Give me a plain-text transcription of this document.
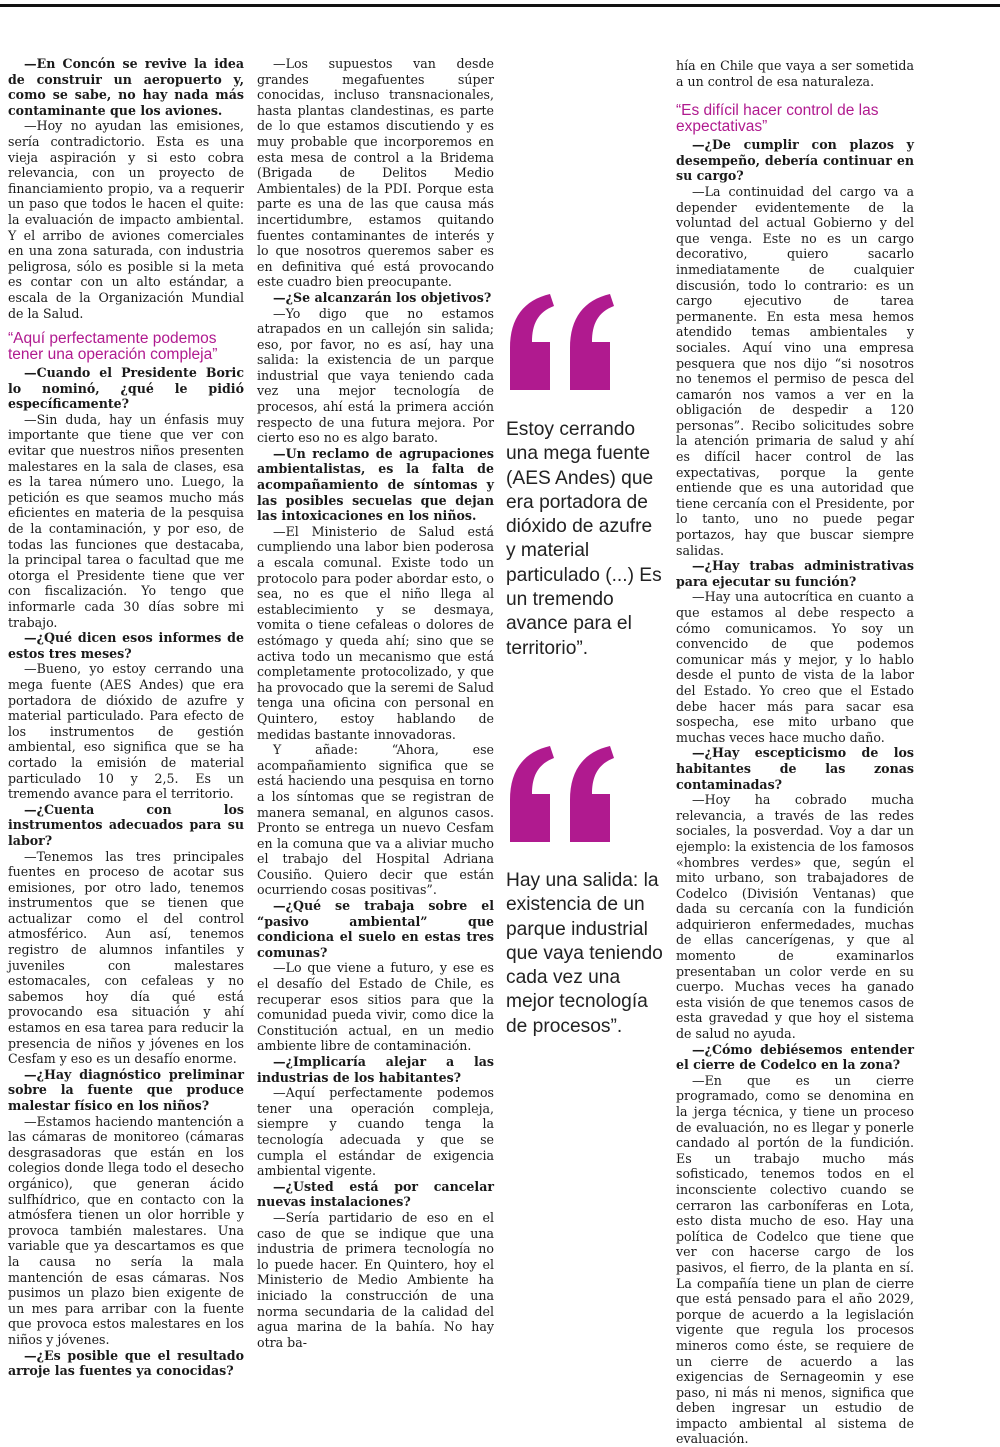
—En Concón se revive la idea de construir un aeropuerto y, como se sabe, no hay nada más contaminante que los aviones.

—Hoy no ayudan las emisiones, sería contradictorio. Esta es una vieja aspiración y si esto cobra relevancia, con un proyecto de financiamiento propio, va a requerir un paso que todos le hacen el quite: la evaluación de impacto ambiental. Y el arribo de aviones comerciales en una zona saturada, con industria peligrosa, sólo es posible si la meta es contar con un alto estándar, a escala de la Organización Mundial de la Salud.

“Aquí perfectamente podemos tener una operación compleja”

—Cuando el Presidente Boric lo nominó, ¿qué le pidió específicamente?

—Sin duda, hay un énfasis muy importante que tiene que ver con evitar que nuestros niños presenten malestares en la sala de clases, esa es la tarea número uno. Luego, la petición es que seamos mucho más eficientes en materia de la pesquisa de la contaminación, y por eso, de todas las funciones que destacaba, la principal tarea o facultad que me otorga el Presidente tiene que ver con fiscalización. Yo tengo que informarle cada 30 días sobre mi trabajo.

—¿Qué dicen esos informes de estos tres meses?

—Bueno, yo estoy cerrando una mega fuente (AES Andes) que era portadora de dióxido de azufre y material particulado. Para efecto de los instrumentos de gestión ambiental, eso significa que se ha cortado la emisión de material particulado 10 y 2,5. Es un tremendo avance para el territorio.

—¿Cuenta con los instrumentos adecuados para su labor?

—Tenemos las tres principales fuentes en proceso de acotar sus emisiones, por otro lado, tenemos instrumentos que se tienen que actualizar como el del control atmosférico. Aun así, tenemos registro de alumnos infantiles y juveniles con malestares estomacales, con cefaleas y no sabemos hoy día qué está provocando esa situación y ahí estamos en esa tarea para reducir la presencia de niños y jóvenes en los Cesfam y eso es un desafío enorme.

—¿Hay diagnóstico preliminar sobre la fuente que produce malestar físico en los niños?

—Estamos haciendo mantención a las cámaras de monitoreo (cámaras desgrasadoras que están en los colegios donde llega todo el desecho orgánico), que generan ácido sulfhídrico, que en contacto con la atmósfera tienen un olor horrible y provoca también malestares. Una variable que ya descartamos es que la causa no sería la mala mantención de esas cámaras. Nos pusimos un plazo bien exigente de un mes para arribar con la fuente que provoca estos malestares en los niños y jóvenes.

—¿Es posible que el resultado arroje las fuentes ya conocidas?

—Los supuestos van desde grandes megafuentes súper conocidas, incluso transnacionales, hasta plantas clandestinas, es parte de lo que estamos discutiendo y es muy probable que incorporemos en esta mesa de control a la Bridema (Brigada de Delitos Medio Ambientales) de la PDI. Porque esta parte es una de las que causa más incertidumbre, estamos quitando fuentes contaminantes de interés y lo que nosotros queremos saber es en definitiva qué está provocando este cuadro bien preocupante.

—¿Se alcanzarán los objetivos?

—Yo digo que no estamos atrapados en un callejón sin salida; eso, por favor, no es así, hay una salida: la existencia de un parque industrial que vaya teniendo cada vez una mejor tecnología de procesos, ahí está la primera acción respecto de una futura mejora. Por cierto eso no es algo barato.

—Un reclamo de agrupaciones ambientalistas, es la falta de acompañamiento de síntomas y las posibles secuelas que dejan las intoxicaciones en los niños.

—El Ministerio de Salud está cumpliendo una labor bien poderosa a escala comunal. Existe todo un protocolo para poder abordar esto, o sea, no es que el niño llega al establecimiento y se desmaya, vomita o tiene cefaleas o dolores de estómago y queda ahí; sino que se activa todo un mecanismo que está completamente protocolizado, y que ha provocado que la seremi de Salud tenga una oficina con personal en Quintero, estoy hablando de medidas bastante innovadoras.

Y añade: “Ahora, ese acompañamiento significa que se está haciendo una pesquisa en torno a los síntomas que se registran de manera semanal, en algunos casos. Pronto se entrega un nuevo Cesfam en la comuna que va a aliviar mucho el trabajo del Hospital Adriana Cousiño. Quiero decir que están ocurriendo cosas positivas”.

—¿Qué se trabaja sobre el “pasivo ambiental” que condiciona el suelo en estas tres comunas?

—Lo que viene a futuro, y ese es el desafío del Estado de Chile, es recuperar esos sitios para que la comunidad pueda vivir, como dice la Constitución actual, en un medio ambiente libre de contaminación.

—¿Implicaría alejar a las industrias de los habitantes?

—Aquí perfectamente podemos tener una operación compleja, siempre y cuando tenga la tecnología adecuada y que se cumpla el estándar de exigencia ambiental vigente.

—¿Usted está por cancelar nuevas instalaciones?

—Sería partidario de eso en el caso de que se indique que una industria de primera tecnología no lo puede hacer. En Quintero, hoy el Ministerio de Medio Ambiente ha iniciado la construcción de una norma secundaria de la calidad del agua marina de la bahía. No hay otra ba-

Estoy cerrando una mega fuente (AES Andes) que era portadora de dióxido de azufre y material particulado (...) Es un tremendo avance para el territorio”.
Hay una salida: la existencia de un parque industrial que vaya teniendo cada vez una mejor tecnología de procesos”.

hía en Chile que vaya a ser sometida a un control de esa naturaleza.

“Es difícil hacer control de las expectativas”

—¿De cumplir con plazos y desempeño, debería continuar en su cargo?

—La continuidad del cargo va a depender evidentemente de la voluntad del actual Gobierno y del que venga. Este no es un cargo decorativo, quiero sacarlo inmediatamente de cualquier discusión, todo lo contrario: es un cargo ejecutivo de tarea permanente. En esta mesa hemos atendido temas ambientales y sociales. Aquí vino una empresa pesquera que nos dijo “si nosotros no tenemos el permiso de pesca del camarón nos vamos a ver en la obligación de despedir a 120 personas”. Recibo solicitudes sobre la atención primaria de salud y ahí es difícil hacer control de las expectativas, porque la gente entiende que es una autoridad que tiene cercanía con el Presidente, por lo tanto, uno no puede pegar portazos, hay que buscar siempre salidas.

—¿Hay trabas administrativas para ejecutar su función?

—Hay una autocrítica en cuanto a que estamos al debe respecto a cómo comunicamos. Yo soy un convencido de que podemos comunicar más y mejor, y lo hablo desde el punto de vista de la labor del Estado. Yo creo que el Estado debe hacer más para sacar esa sospecha, ese mito urbano que muchas veces hace mucho daño.

—¿Hay escepticismo de los habitantes de las zonas contaminadas?

—Hoy ha cobrado mucha relevancia, a través de las redes sociales, la posverdad. Voy a dar un ejemplo: la existencia de los famosos «hombres verdes» que, según el mito urbano, son trabajadores de Codelco (División Ventanas) que dada su cercanía con la fundición adquirieron enfermedades, muchas de ellas cancerígenas, y que al momento de examinarlos presentaban un color verde en su cuerpo. Muchas veces ha ganado esta visión de que tenemos casos de esta gravedad y que hoy el sistema de salud no ayuda.

—¿Cómo debiésemos entender el cierre de Codelco en la zona?

—En que es un cierre programado, como se denomina en la jerga técnica, y tiene un proceso de evaluación, no es llegar y ponerle candado al portón de la fundición. Es un trabajo mucho más sofisticado, tenemos todos en el inconsciente colectivo cuando se cerraron las carboníferas en Lota, esto dista mucho de eso. Hay una política de Codelco que tiene que ver con hacerse cargo de los pasivos, el fierro, de la planta en sí. La compañía tiene un plan de cierre que está pensado para el año 2029, porque de acuerdo a la legislación vigente que regula los procesos mineros como éste, se requiere de un cierre de acuerdo a las exigencias de Sernageomin y ese paso, ni más ni menos, significa que deben ingresar un estudio de impacto ambiental al sistema de evaluación.
